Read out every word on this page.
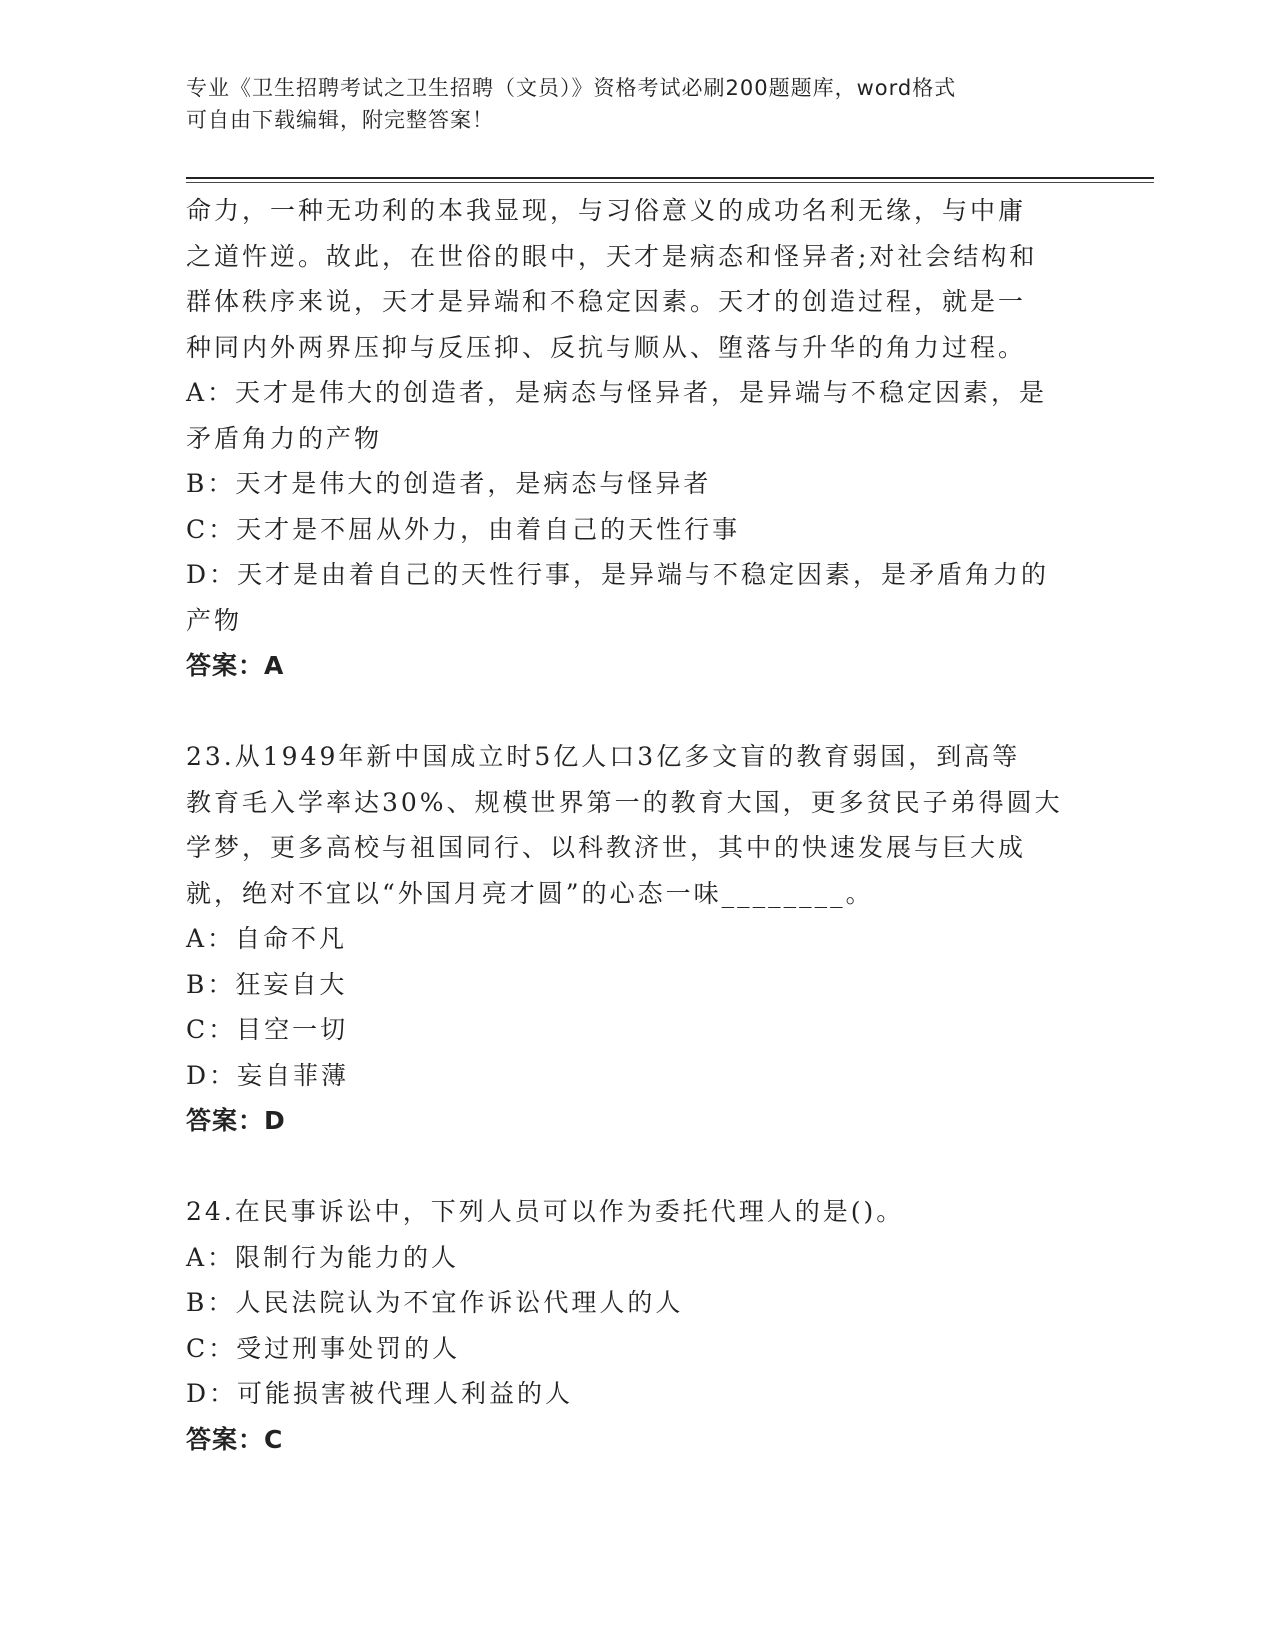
专业《卫生招聘考试之卫生招聘（文员）》资格考试必刷200题题库，word格式
可自由下载编辑，附完整答案！
命力，一种无功利的本我显现，与习俗意义的成功名利无缘，与中庸
之道忤逆。故此，在世俗的眼中，天才是病态和怪异者;对社会结构和
群体秩序来说，天才是异端和不稳定因素。天才的创造过程，就是一
种同内外两界压抑与反压抑、反抗与顺从、堕落与升华的角力过程。
A：天才是伟大的创造者，是病态与怪异者，是异端与不稳定因素，是
矛盾角力的产物
B：天才是伟大的创造者，是病态与怪异者
C：天才是不屈从外力，由着自己的天性行事
D：天才是由着自己的天性行事，是异端与不稳定因素，是矛盾角力的
产物
答案：A
23.从1949年新中国成立时5亿人口3亿多文盲的教育弱国，到高等
教育毛入学率达30%、规模世界第一的教育大国，更多贫民子弟得圆大
学梦，更多高校与祖国同行、以科教济世，其中的快速发展与巨大成
就，绝对不宜以“外国月亮才圆”的心态一味________。
A：自命不凡
B：狂妄自大
C：目空一切
D：妄自菲薄
答案：D
24.在民事诉讼中，下列人员可以作为委托代理人的是()。
A：限制行为能力的人
B：人民法院认为不宜作诉讼代理人的人
C：受过刑事处罚的人
D：可能损害被代理人利益的人
答案：C
